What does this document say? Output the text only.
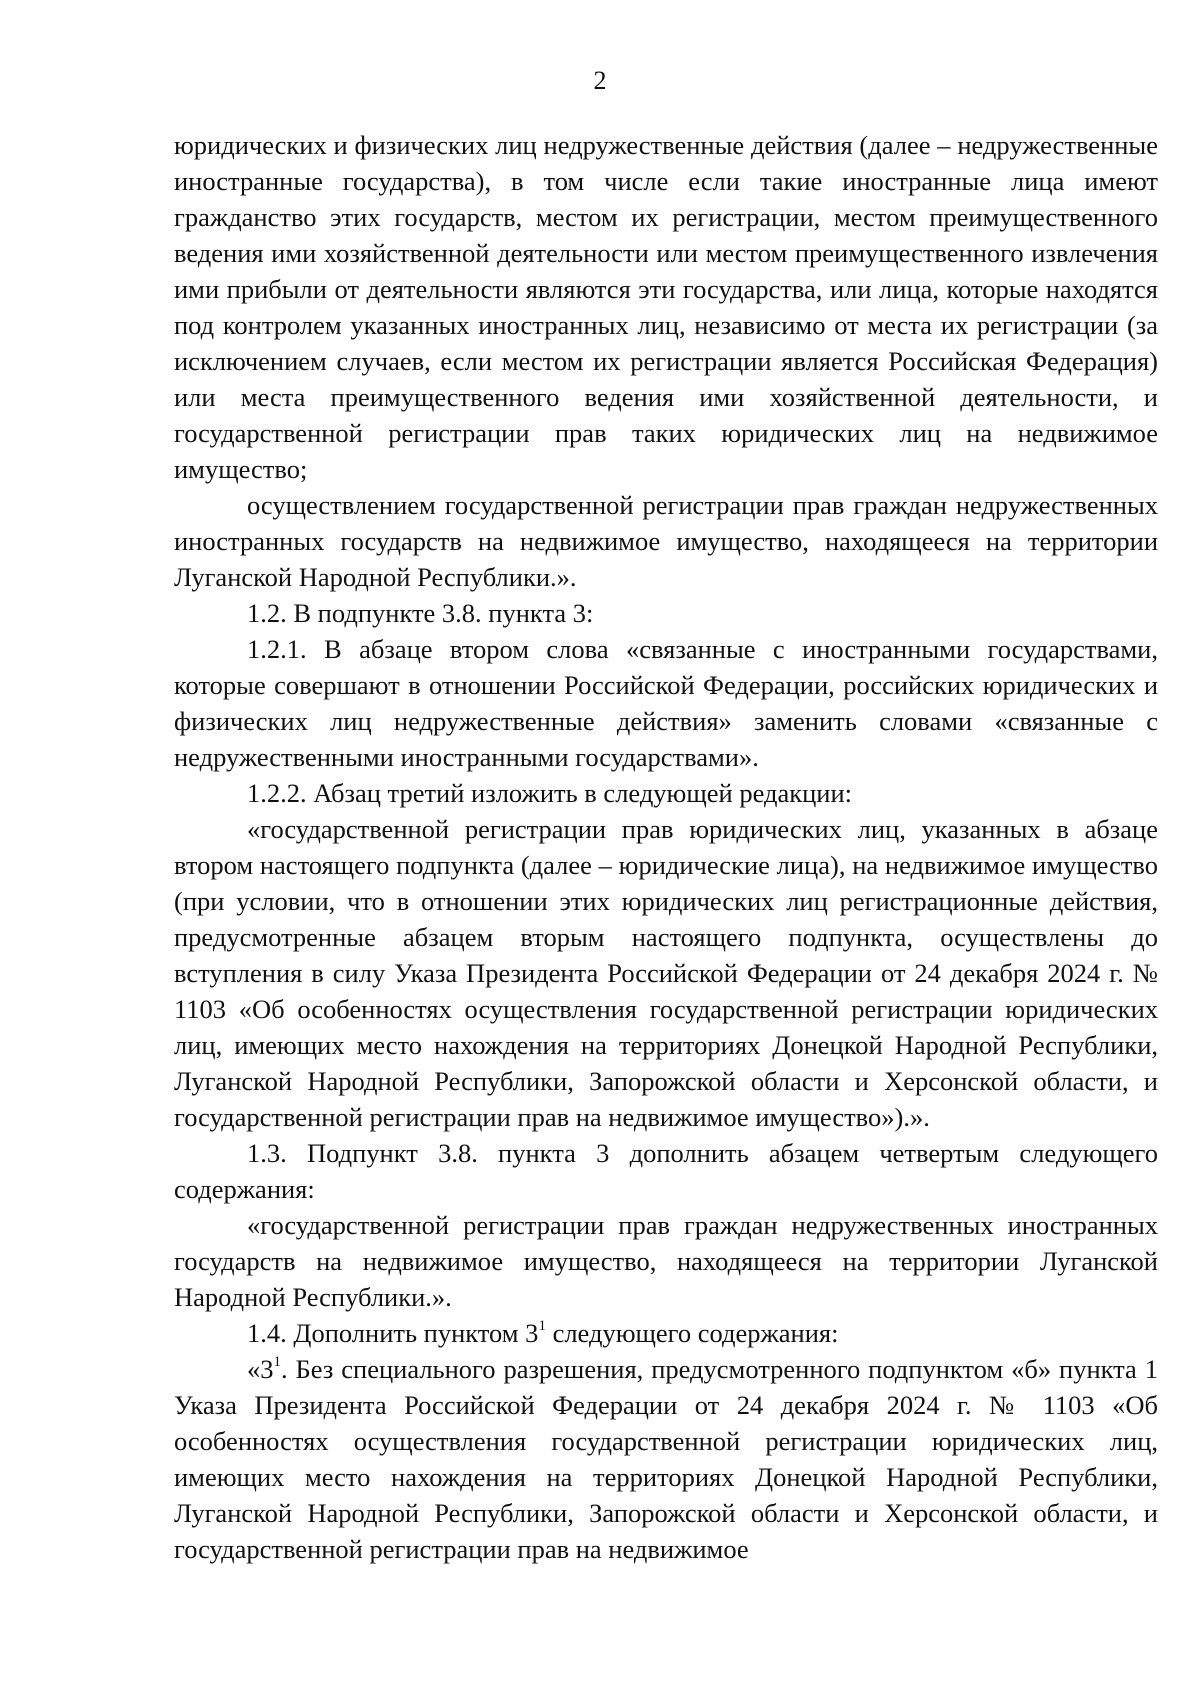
2

юридических и физических лиц недружественные действия (далее – недружественные иностранные государства), в том числе если такие иностранные лица имеют гражданство этих государств, местом их регистрации, местом преимущественного ведения ими хозяйственной деятельности или местом преимущественного извлечения ими прибыли от деятельности являются эти государства, или лица, которые находятся под контролем указанных иностранных лиц, независимо от места их регистрации (за исключением случаев, если местом их регистрации является Российская Федерация) или места преимущественного ведения ими хозяйственной деятельности, и государственной регистрации прав таких юридических лиц на недвижимое имущество;

осуществлением государственной регистрации прав граждан недружественных иностранных государств на недвижимое имущество, находящееся на территории Луганской Народной Республики.».

1.2. В подпункте 3.8. пункта 3:

1.2.1. В абзаце втором слова «связанные с иностранными государствами, которые совершают в отношении Российской Федерации, российских юридических и физических лиц недружественные действия» заменить словами «связанные с недружественными иностранными государствами».

1.2.2. Абзац третий изложить в следующей редакции:

«государственной регистрации прав юридических лиц, указанных в абзаце втором настоящего подпункта (далее – юридические лица), на недвижимое имущество (при условии, что в отношении этих юридических лиц регистрационные действия, предусмотренные абзацем вторым настоящего подпункта, осуществлены до вступления в силу Указа Президента Российской Федерации от 24 декабря 2024 г. № 1103 «Об особенностях осуществления государственной регистрации юридических лиц, имеющих место нахождения на территориях Донецкой Народной Республики, Луганской Народной Республики, Запорожской области и Херсонской области, и государственной регистрации прав на недвижимое имущество»).».

1.3. Подпункт 3.8. пункта 3 дополнить абзацем четвертым следующего содержания:

«государственной регистрации прав граждан недружественных иностранных государств на недвижимое имущество, находящееся на территории Луганской Народной Республики.».

1.4. Дополнить пунктом $3^1$ следующего содержания:

«$3^1$. Без специального разрешения, предусмотренного подпунктом «б» пункта 1 Указа Президента Российской Федерации от 24 декабря 2024 г. № 1103 «Об особенностях осуществления государственной регистрации юридических лиц, имеющих место нахождения на территориях Донецкой Народной Республики, Луганской Народной Республики, Запорожской области и Херсонской области, и государственной регистрации прав на недвижимое
